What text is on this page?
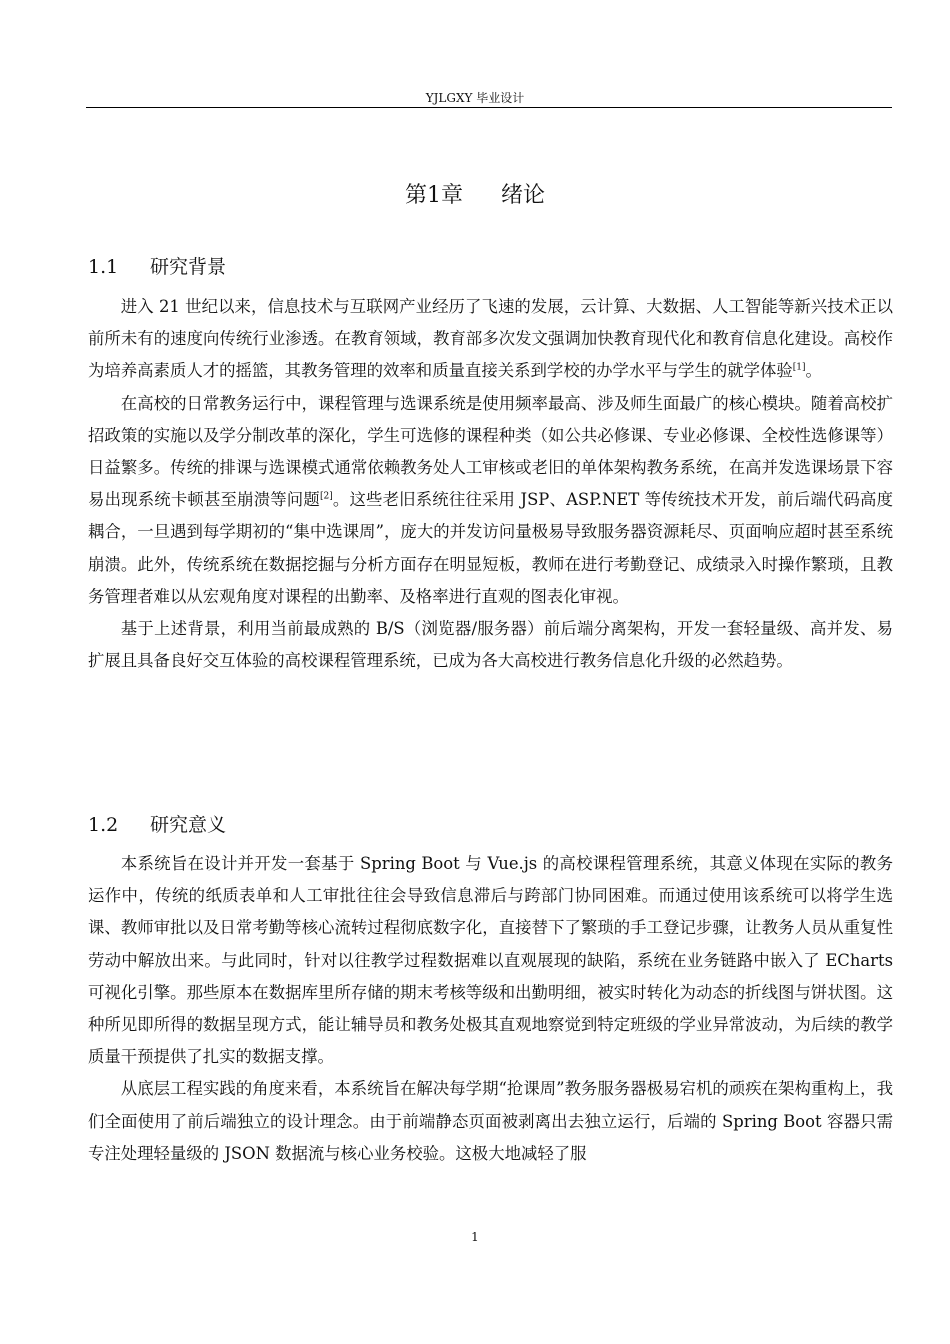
YJLGXY 毕业设计
第1章 绪论
1.1 研究背景

进入 21 世纪以来，信息技术与互联网产业经历了飞速的发展，云计算、大数据、人工智能等新兴技术正以前所未有的速度向传统行业渗透。在教育领域，教育部多次发文强调加快教育现代化和教育信息化建设。高校作为培养高素质人才的摇篮，其教务管理的效率和质量直接关系到学校的办学水平与学生的就学体验[1]。

在高校的日常教务运行中，课程管理与选课系统是使用频率最高、涉及师生面最广的核心模块。随着高校扩招政策的实施以及学分制改革的深化，学生可选修的课程种类（如公共必修课、专业必修课、全校性选修课等）日益繁多。传统的排课与选课模式通常依赖教务处人工审核或老旧的单体架构教务系统，在高并发选课场景下容易出现系统卡顿甚至崩溃等问题[2]。这些老旧系统往往采用 JSP、ASP.NET 等传统技术开发，前后端代码高度耦合，一旦遇到每学期初的“集中选课周”，庞大的并发访问量极易导致服务器资源耗尽、页面响应超时甚至系统崩溃。此外，传统系统在数据挖掘与分析方面存在明显短板，教师在进行考勤登记、成绩录入时操作繁琐，且教务管理者难以从宏观角度对课程的出勤率、及格率进行直观的图表化审视。

基于上述背景，利用当前最成熟的 B/S（浏览器/服务器）前后端分离架构，开发一套轻量级、高并发、易扩展且具备良好交互体验的高校课程管理系统，已成为各大高校进行教务信息化升级的必然趋势。

1.2 研究意义

本系统旨在设计并开发一套基于 Spring Boot 与 Vue.js 的高校课程管理系统，其意义体现在实际的教务运作中，传统的纸质表单和人工审批往往会导致信息滞后与跨部门协同困难。而通过使用该系统可以将学生选课、教师审批以及日常考勤等核心流转过程彻底数字化，直接替下了繁琐的手工登记步骤，让教务人员从重复性劳动中解放出来。与此同时，针对以往教学过程数据难以直观展现的缺陷，系统在业务链路中嵌入了 ECharts 可视化引擎。那些原本在数据库里所存储的期末考核等级和出勤明细，被实时转化为动态的折线图与饼状图。这种所见即所得的数据呈现方式，能让辅导员和教务处极其直观地察觉到特定班级的学业异常波动，为后续的教学质量干预提供了扎实的数据支撑。

从底层工程实践的角度来看，本系统旨在解决每学期“抢课周”教务服务器极易宕机的顽疾在架构重构上，我们全面使用了前后端独立的设计理念。由于前端静态页面被剥离出去独立运行，后端的 Spring Boot 容器只需专注处理轻量级的 JSON 数据流与核心业务校验。这极大地减轻了服

1
